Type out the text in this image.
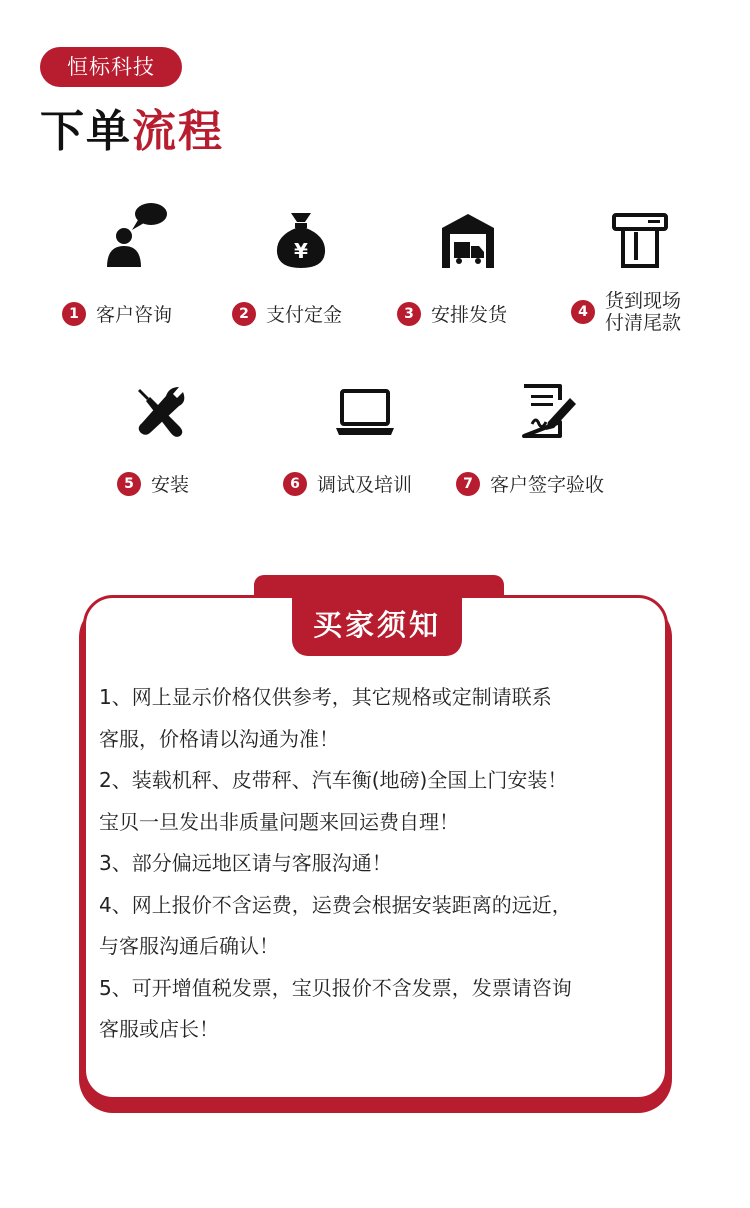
恒标科技
下单流程
1 客户咨询
¥
2 支付定金	3 安排发货	4 货到现场
付清尾款
5 安装	6 调试及培训	7 客户签字验收
买家须知

1、网上显示价格仅供参考，其它规格或定制请联系

客服，价格请以沟通为准！

2、装载机秤、皮带秤、汽车衡(地磅)全国上门安装！

宝贝一旦发出非质量问题来回运费自理！

3、部分偏远地区请与客服沟通！

4、网上报价不含运费，运费会根据安装距离的远近，

与客服沟通后确认！

5、可开增值税发票，宝贝报价不含发票，发票请咨询

客服或店长！
